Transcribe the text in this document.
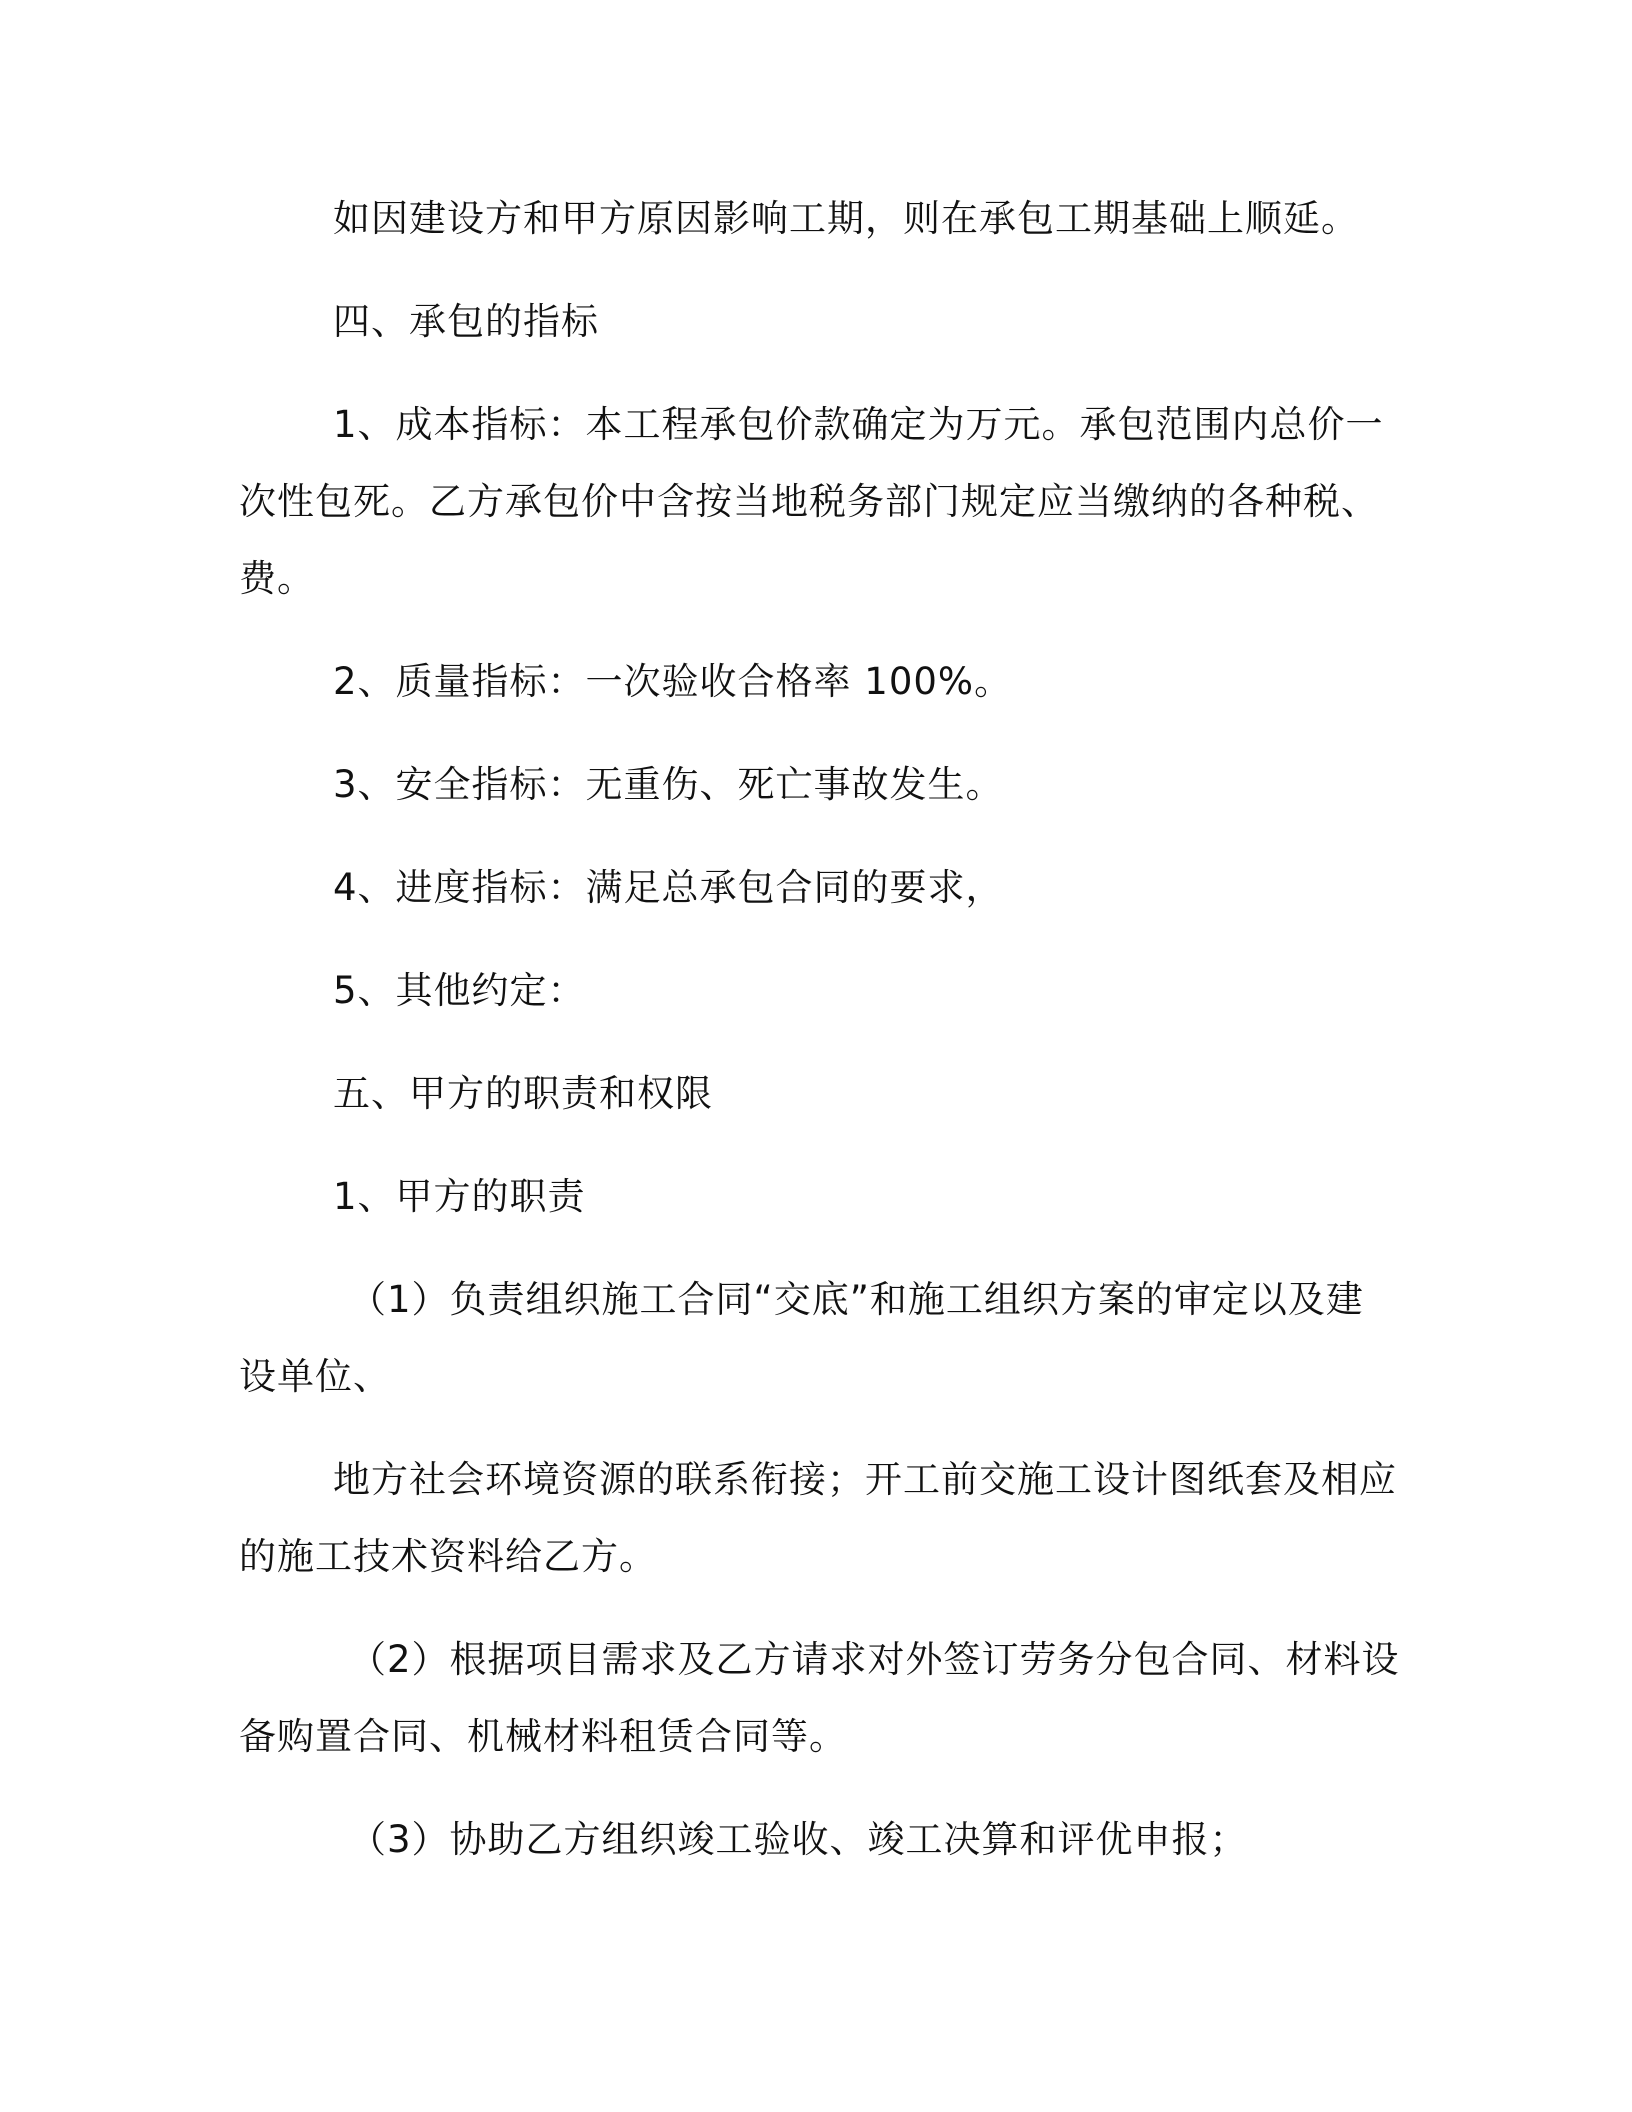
如因建设方和甲方原因影响工期，则在承包工期基础上顺延。
四、承包的指标
1、成本指标：本工程承包价款确定为万元。承包范围内总价一
次性包死。乙方承包价中含按当地税务部门规定应当缴纳的各种税、
费。
2、质量指标：一次验收合格率 100%。
3、安全指标：无重伤、死亡事故发生。
4、进度指标：满足总承包合同的要求，
5、其他约定：
五、甲方的职责和权限
1、甲方的职责
（1）负责组织施工合同“交底”和施工组织方案的审定以及建
设单位、
地方社会环境资源的联系衔接；开工前交施工设计图纸套及相应
的施工技术资料给乙方。
（2）根据项目需求及乙方请求对外签订劳务分包合同、材料设
备购置合同、机械材料租赁合同等。
（3）协助乙方组织竣工验收、竣工决算和评优申报；
